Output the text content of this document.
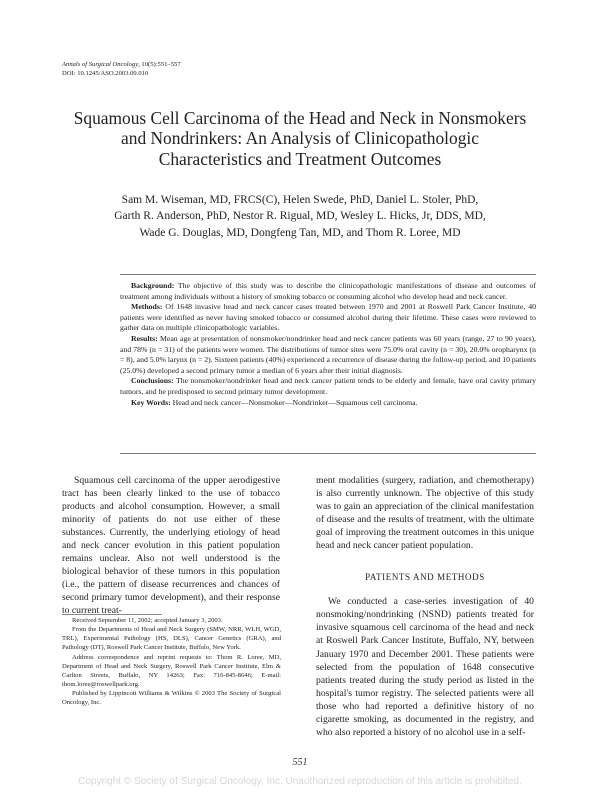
Annals of Surgical Oncology, 10(5):551–557
DOI: 10.1245/ASO.2003.09.010
Squamous Cell Carcinoma of the Head and Neck in Nonsmokers and Nondrinkers: An Analysis of Clinicopathologic Characteristics and Treatment Outcomes
Sam M. Wiseman, MD, FRCS(C), Helen Swede, PhD, Daniel L. Stoler, PhD,
Garth R. Anderson, PhD, Nestor R. Rigual, MD, Wesley L. Hicks, Jr, DDS, MD,
Wade G. Douglas, MD, Dongfeng Tan, MD, and Thom R. Loree, MD

Background: The objective of this study was to describe the clinicopathologic manifestations of disease and outcomes of treatment among individuals without a history of smoking tobacco or consuming alcohol who develop head and neck cancer.

Methods: Of 1648 invasive head and neck cancer cases treated between 1970 and 2001 at Roswell Park Cancer Institute, 40 patients were identified as never having smoked tobacco or consumed alcohol during their lifetime. These cases were reviewed to gather data on multiple clinicopathologic variables.

Results: Mean age at presentation of nonsmoker/nondrinker head and neck cancer patients was 60 years (range, 27 to 90 years), and 78% (n = 31) of the patients were women. The distributions of tumor sites were 75.0% oral cavity (n = 30), 20.0% oropharynx (n = 8), and 5.0% larynx (n = 2). Sixteen patients (40%) experienced a recurrence of disease during the follow-up period, and 10 patients (25.0%) developed a second primary tumor a median of 6 years after their initial diagnosis.

Conclusions: The nonsmoker/nondrinker head and neck cancer patient tends to be elderly and female, have oral cavity primary tumors, and be predisposed to second primary tumor development.

Key Words: Head and neck cancer—Nonsmoker—Nondrinker—Squamous cell carcinoma.

Squamous cell carcinoma of the upper aerodigestive tract has been clearly linked to the use of tobacco products and alcohol consumption. However, a small minority of patients do not use either of these substances. Currently, the underlying etiology of head and neck cancer evolution in this patient population remains unclear. Also not well understood is the biological behavior of these tumors in this population (i.e., the pattern of disease recurrences and chances of second primary tumor development), and their response to current treat-

Received September 11, 2002; accepted January 3, 2003.

From the Departments of Head and Neck Surgery (SMW, NRR, WLH, WGD, TRL), Experimental Pathology (HS, DLS), Cancer Genetics (GRA), and Pathology (DT), Roswell Park Cancer Institute, Buffalo, New York.

Address correspondence and reprint requests to: Thom R. Loree, MD, Department of Head and Neck Surgery, Roswell Park Cancer Institute, Elm & Carlton Streets, Buffalo, NY 14263; Fax: 716-845-8646; E-mail: thom.loree@roswellpark.org.

Published by Lippincott Williams & Wilkins © 2003 The Society of Surgical Oncology, Inc.

ment modalities (surgery, radiation, and chemotherapy) is also currently unknown. The objective of this study was to gain an appreciation of the clinical manifestation of disease and the results of treatment, with the ultimate goal of improving the treatment outcomes in this unique head and neck cancer patient population.

PATIENTS AND METHODS

We conducted a case-series investigation of 40 nonsmoking/nondrinking (NSND) patients treated for invasive squamous cell carcinoma of the head and neck at Roswell Park Cancer Institute, Buffalo, NY, between January 1970 and December 2001. These patients were selected from the population of 1648 consecutive patients treated during the study period as listed in the hospital's tumor registry. The selected patients were all those who had reported a definitive history of no cigarette smoking, as documented in the registry, and who also reported a history of no alcohol use in a self-

551
Copyright © Society of Surgical Oncology, Inc. Unauthorized reproduction of this article is prohibited.
